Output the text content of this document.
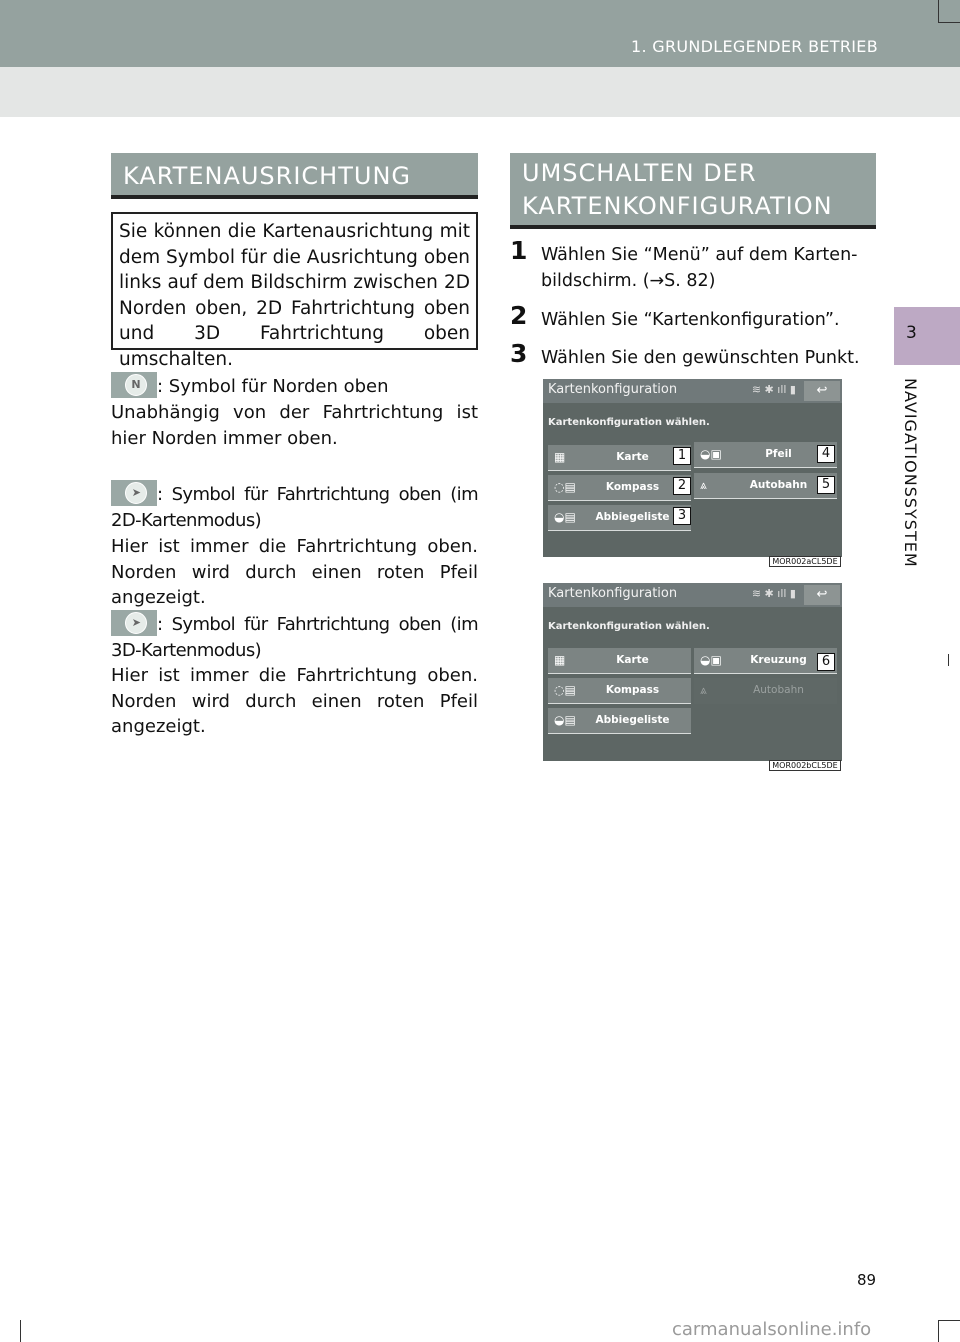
1. GRUNDLEGENDER BETRIEB
3
NAVIGATIONSSYSTEM
KARTENAUSRICHTUNG
Sie können die Kartenausrichtung mit dem Symbol für die Ausrichtung oben links auf dem Bildschirm zwischen 2D Norden oben, 2D Fahrtrichtung oben und 3D Fahrtrichtung oben umschalten.
N : Symbol für Norden oben
Unabhängig von der Fahrtrichtung ist hier Norden immer oben.
➤ : Symbol für Fahrtrichtung oben (im 2D-Kartenmodus)
Hier ist immer die Fahrtrichtung oben. Norden wird durch einen roten Pfeil angezeigt.
➤ : Symbol für Fahrtrichtung oben (im 3D-Kartenmodus)
Hier ist immer die Fahrtrichtung oben. Norden wird durch einen roten Pfeil angezeigt.
UMSCHALTEN DER KARTENKONFIGURATION
1 Wählen Sie “Menü” auf dem Karten-bildschirm. (→S. 82)
2 Wählen Sie “Kartenkonfiguration”.
3 Wählen Sie den gewünschten Punkt.
Kartenkonfiguration	≋ ✱ ıll ▮	↩
Kartenkonfiguration wählen.
▦	Karte
◌▤	Kompass
◒▤	Abbiegeliste
◒▣	Pfeil
⩓	Autobahn
1
2
3
4
5
MOR002aCL5DE
Kartenkonfiguration	≋ ✱ ıll ▮	↩
Kartenkonfiguration wählen.
▦	Karte
◌▤	Kompass
◒▤	Abbiegeliste
◒▣	Kreuzung
⩓	Autobahn
6
MOR002bCL5DE
89
carmanualsonline.info
